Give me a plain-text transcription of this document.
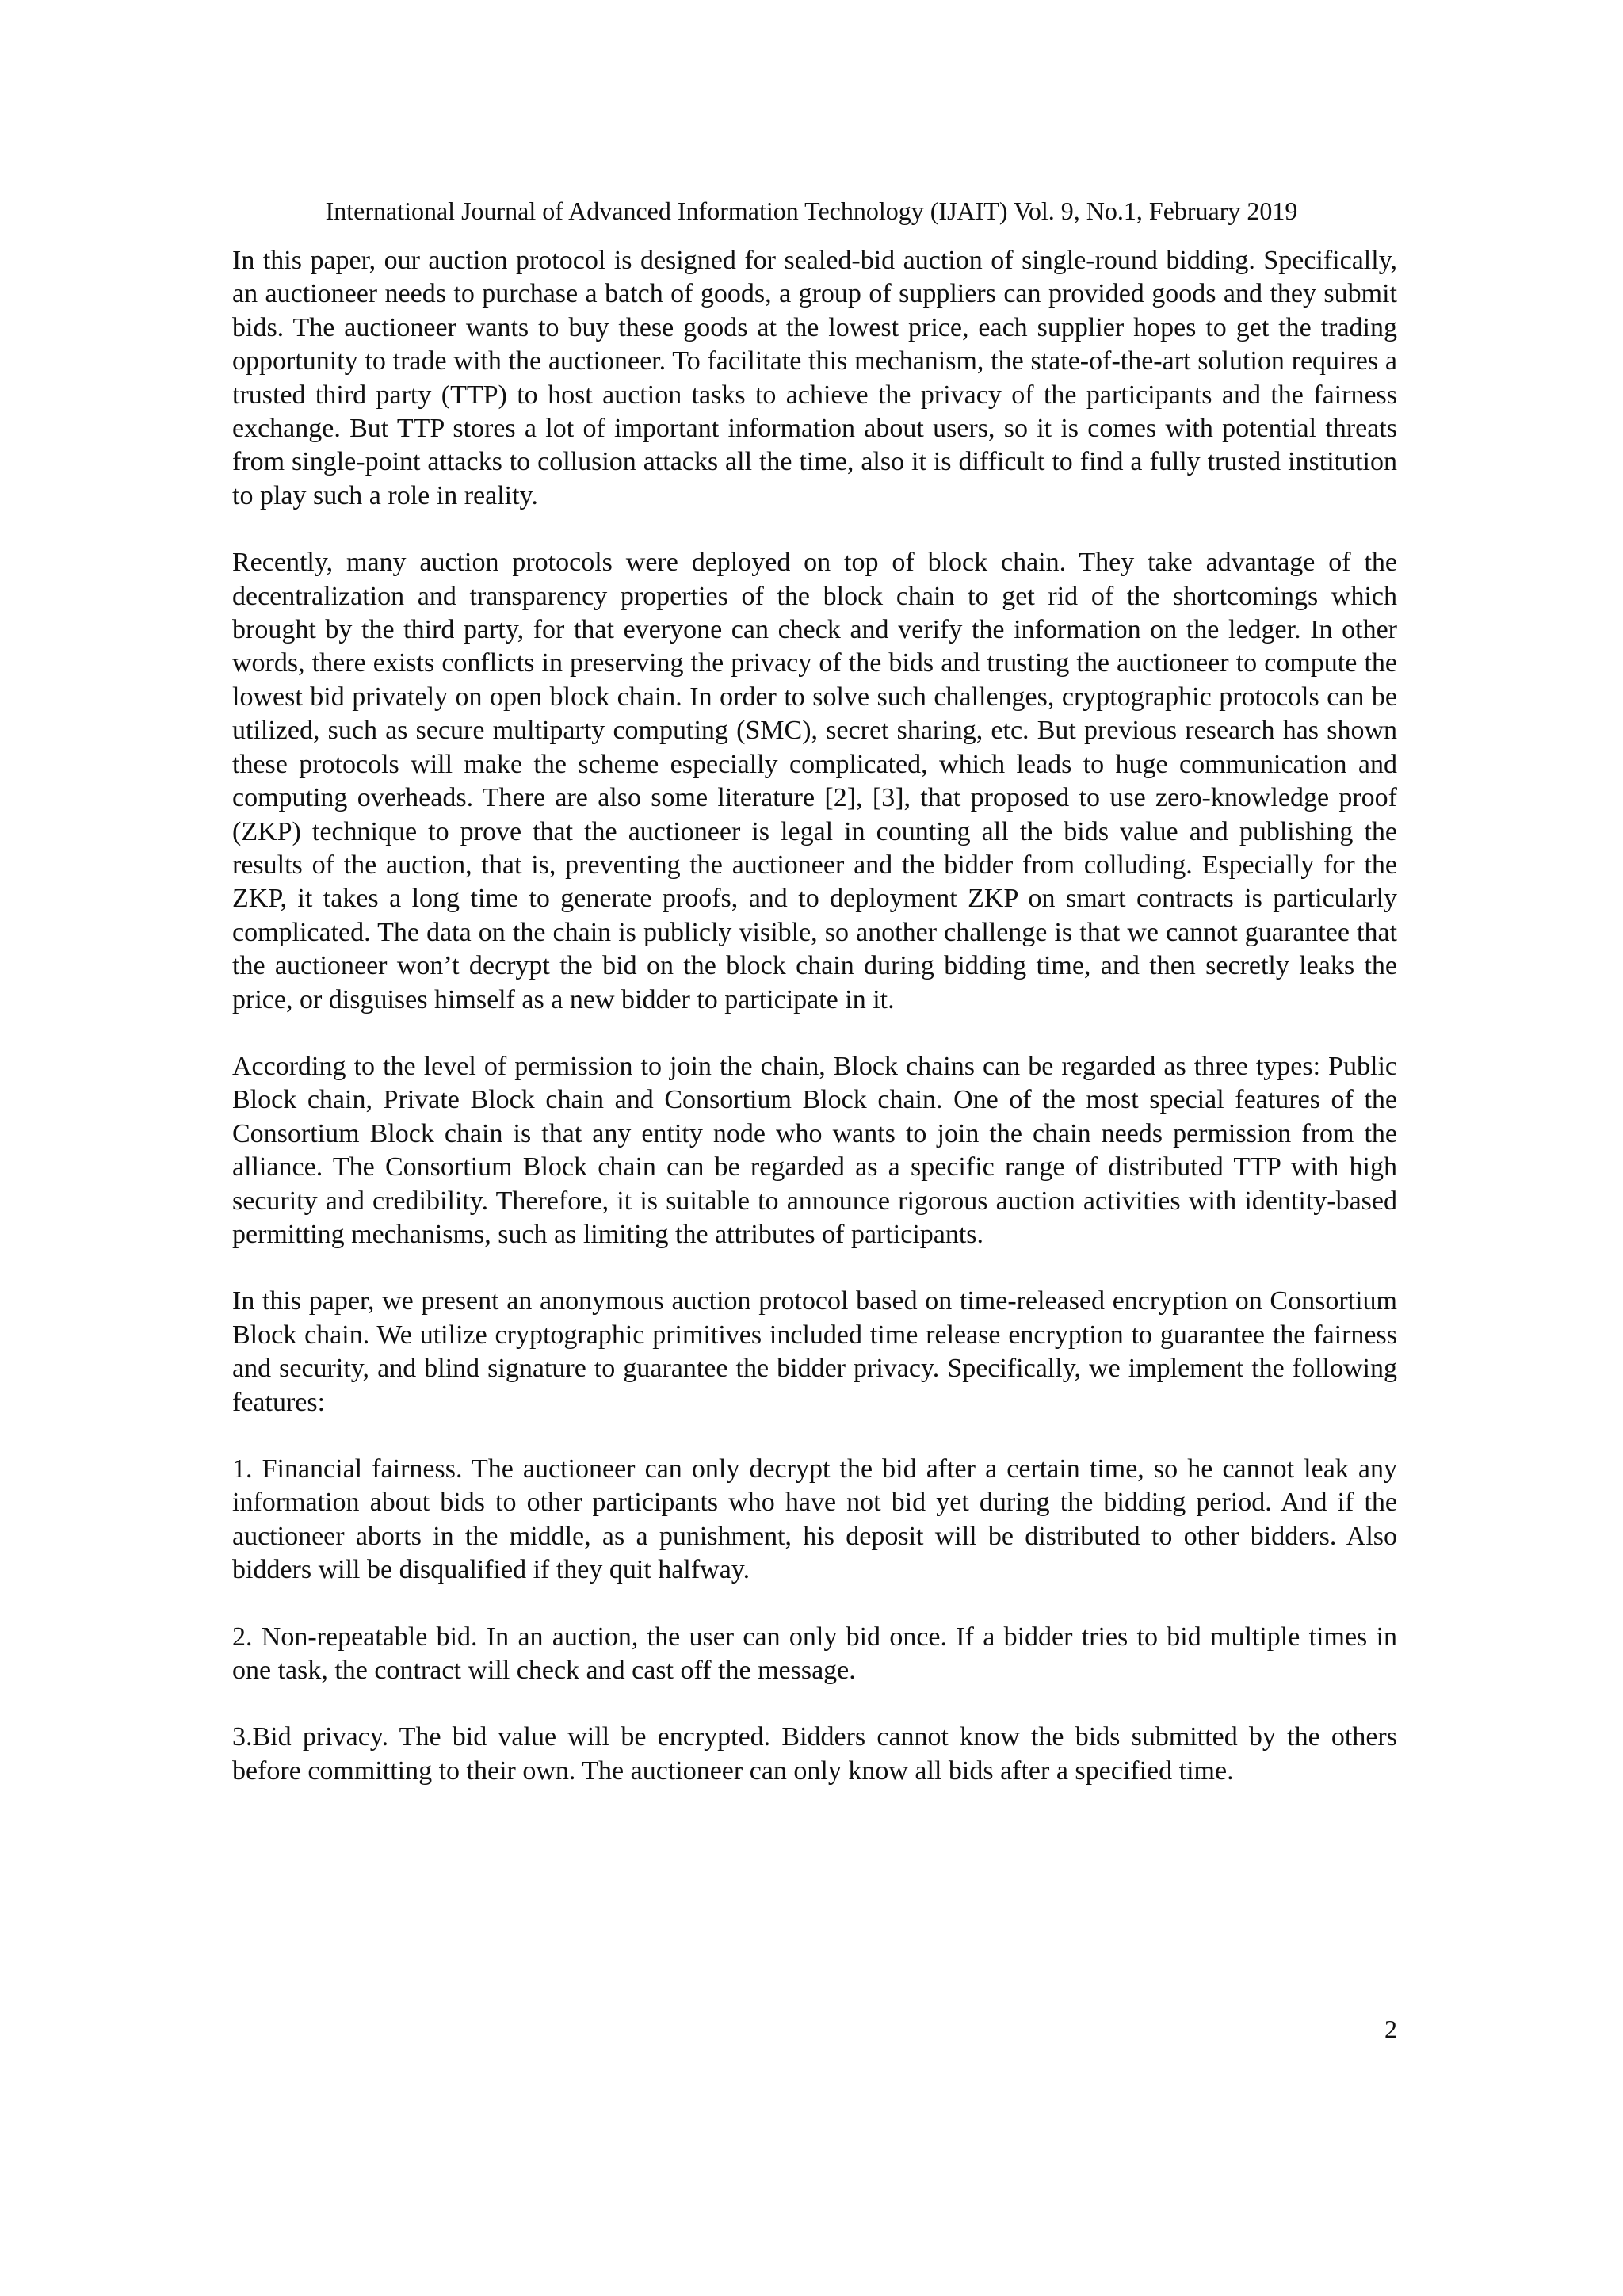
International Journal of Advanced Information Technology (IJAIT) Vol. 9, No.1, February 2019

In this paper, our auction protocol is designed for sealed-bid auction of single-round bidding. Specifically, an auctioneer needs to purchase a batch of goods, a group of suppliers can provided goods and they submit bids. The auctioneer wants to buy these goods at the lowest price, each supplier hopes to get the trading opportunity to trade with the auctioneer. To facilitate this mechanism, the state-of-the-art solution requires a trusted third party (TTP) to host auction tasks to achieve the privacy of the participants and the fairness exchange. But TTP stores a lot of important information about users, so it is comes with potential threats from single-point attacks to collusion attacks all the time, also it is difficult to find a fully trusted institution to play such a role in reality.

Recently, many auction protocols were deployed on top of block chain. They take advantage of the decentralization and transparency properties of the block chain to get rid of the shortcomings which brought by the third party, for that everyone can check and verify the information on the ledger. In other words, there exists conflicts in preserving the privacy of the bids and trusting the auctioneer to compute the lowest bid privately on open block chain. In order to solve such challenges, cryptographic protocols can be utilized, such as secure multiparty computing (SMC), secret sharing, etc. But previous research has shown these protocols will make the scheme especially complicated, which leads to huge communication and computing overheads. There are also some literature [2], [3], that proposed to use zero-knowledge proof (ZKP) technique to prove that the auctioneer is legal in counting all the bids value and publishing the results of the auction, that is, preventing the auctioneer and the bidder from colluding. Especially for the ZKP, it takes a long time to generate proofs, and to deployment ZKP on smart contracts is particularly complicated. The data on the chain is publicly visible, so another challenge is that we cannot guarantee that the auctioneer won’t decrypt the bid on the block chain during bidding time, and then secretly leaks the price, or disguises himself as a new bidder to participate in it.

According to the level of permission to join the chain, Block chains can be regarded as three types: Public Block chain, Private Block chain and Consortium Block chain. One of the most special features of the Consortium Block chain is that any entity node who wants to join the chain needs permission from the alliance. The Consortium Block chain can be regarded as a specific range of distributed TTP with high security and credibility. Therefore, it is suitable to announce rigorous auction activities with identity-based permitting mechanisms, such as limiting the attributes of participants.

In this paper, we present an anonymous auction protocol based on time-released encryption on Consortium Block chain. We utilize cryptographic primitives included time release encryption to guarantee the fairness and security, and blind signature to guarantee the bidder privacy. Specifically, we implement the following features:

1. Financial fairness. The auctioneer can only decrypt the bid after a certain time, so he cannot leak any information about bids to other participants who have not bid yet during the bidding period. And if the auctioneer aborts in the middle, as a punishment, his deposit will be distributed to other bidders. Also bidders will be disqualified if they quit halfway.

2. Non-repeatable bid. In an auction, the user can only bid once. If a bidder tries to bid multiple times in one task, the contract will check and cast off the message.

3.Bid privacy. The bid value will be encrypted. Bidders cannot know the bids submitted by the others before committing to their own. The auctioneer can only know all bids after a specified time.

2
